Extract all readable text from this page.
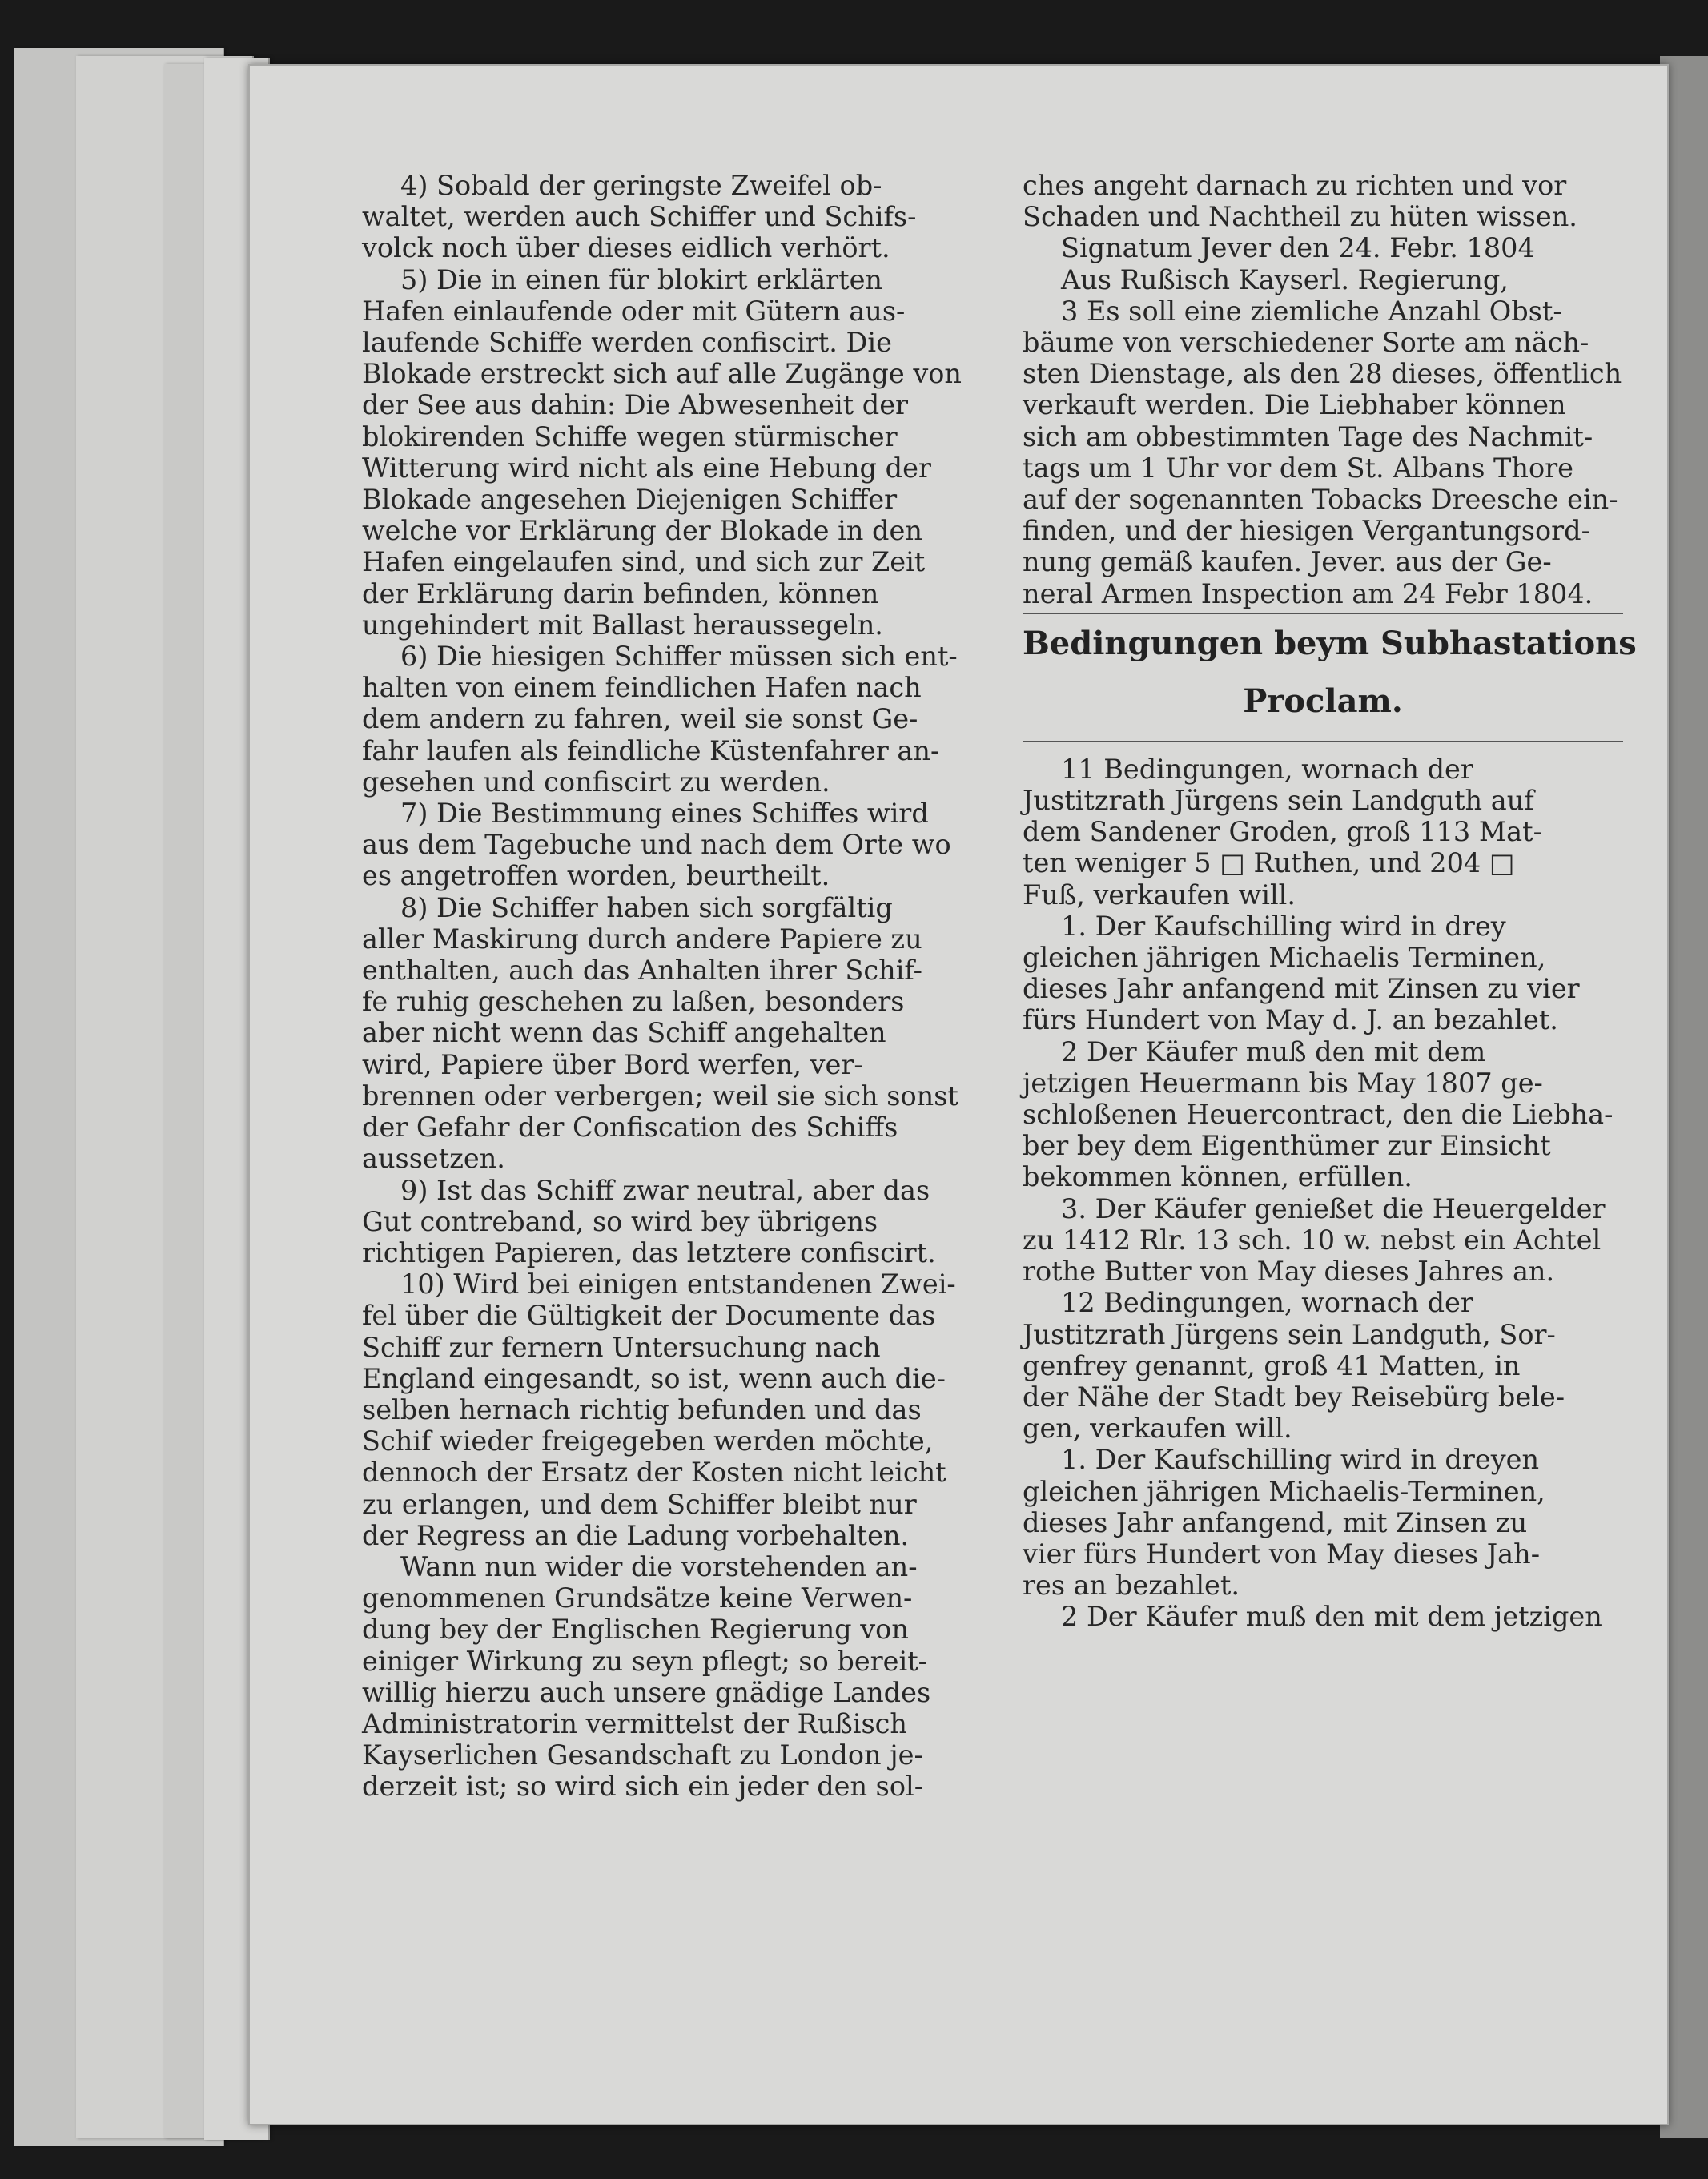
4) Sobald der geringste Zweifel ob-
waltet, werden auch Schiffer und Schifs-
volck noch über dieses eidlich verhört.
5) Die in einen für blokirt erklärten
Hafen einlaufende oder mit Gütern aus-
laufende Schiffe werden confiscirt. Die
Blokade erstreckt sich auf alle Zugänge von
der See aus dahin: Die Abwesenheit der
blokirenden Schiffe wegen stürmischer
Witterung wird nicht als eine Hebung der
Blokade angesehen Diejenigen Schiffer
welche vor Erklärung der Blokade in den
Hafen eingelaufen sind, und sich zur Zeit
der Erklärung darin befinden, können
ungehindert mit Ballast heraussegeln.
6) Die hiesigen Schiffer müssen sich ent-
halten von einem feindlichen Hafen nach
dem andern zu fahren, weil sie sonst Ge-
fahr laufen als feindliche Küstenfahrer an-
gesehen und confiscirt zu werden.
7) Die Bestimmung eines Schiffes wird
aus dem Tagebuche und nach dem Orte wo
es angetroffen worden, beurtheilt.
8) Die Schiffer haben sich sorgfältig
aller Maskirung durch andere Papiere zu
enthalten, auch das Anhalten ihrer Schif-
fe ruhig geschehen zu laßen, besonders
aber nicht wenn das Schiff angehalten
wird, Papiere über Bord werfen, ver-
brennen oder verbergen; weil sie sich sonst
der Gefahr der Confiscation des Schiffs
aussetzen.
9) Ist das Schiff zwar neutral, aber das
Gut contreband, so wird bey übrigens
richtigen Papieren, das letztere confiscirt.
10) Wird bei einigen entstandenen Zwei-
fel über die Gültigkeit der Documente das
Schiff zur fernern Untersuchung nach
England eingesandt, so ist, wenn auch die-
selben hernach richtig befunden und das
Schif wieder freigegeben werden möchte,
dennoch der Ersatz der Kosten nicht leicht
zu erlangen, und dem Schiffer bleibt nur
der Regress an die Ladung vorbehalten.
Wann nun wider die vorstehenden an-
genommenen Grundsätze keine Verwen-
dung bey der Englischen Regierung von
einiger Wirkung zu seyn pflegt; so bereit-
willig hierzu auch unsere gnädige Landes
Administratorin vermittelst der Rußisch
Kayserlichen Gesandschaft zu London je-
derzeit ist; so wird sich ein jeder den sol-
ches angeht darnach zu richten und vor
Schaden und Nachtheil zu hüten wissen.
Signatum Jever den 24. Febr. 1804
Aus Rußisch Kayserl. Regierung,
3 Es soll eine ziemliche Anzahl Obst-
bäume von verschiedener Sorte am näch-
sten Dienstage, als den 28 dieses, öffentlich
verkauft werden. Die Liebhaber können
sich am obbestimmten Tage des Nachmit-
tags um 1 Uhr vor dem St. Albans Thore
auf der sogenannten Tobacks Dreesche ein-
finden, und der hiesigen Vergantungsord-
nung gemäß kaufen. Jever. aus der Ge-
neral Armen Inspection am 24 Febr 1804.
Bedingungen beym Subhastations
Proclam.
11 Bedingungen, wornach der
Justitzrath Jürgens sein Landguth auf
dem Sandener Groden, groß 113 Mat-
ten weniger 5 □ Ruthen, und 204 □
Fuß, verkaufen will.
1. Der Kaufschilling wird in drey
gleichen jährigen Michaelis Terminen,
dieses Jahr anfangend mit Zinsen zu vier
fürs Hundert von May d. J. an bezahlet.
2 Der Käufer muß den mit dem
jetzigen Heuermann bis May 1807 ge-
schloßenen Heuercontract, den die Liebha-
ber bey dem Eigenthümer zur Einsicht
bekommen können, erfüllen.
3. Der Käufer genießet die Heuergelder
zu 1412 Rlr. 13 sch. 10 w. nebst ein Achtel
rothe Butter von May dieses Jahres an.
12 Bedingungen, wornach der
Justitzrath Jürgens sein Landguth, Sor-
genfrey genannt, groß 41 Matten, in
der Nähe der Stadt bey Reisebürg bele-
gen, verkaufen will.
1. Der Kaufschilling wird in dreyen
gleichen jährigen Michaelis-Terminen,
dieses Jahr anfangend, mit Zinsen zu
vier fürs Hundert von May dieses Jah-
res an bezahlet.
2 Der Käufer muß den mit dem jetzigen
